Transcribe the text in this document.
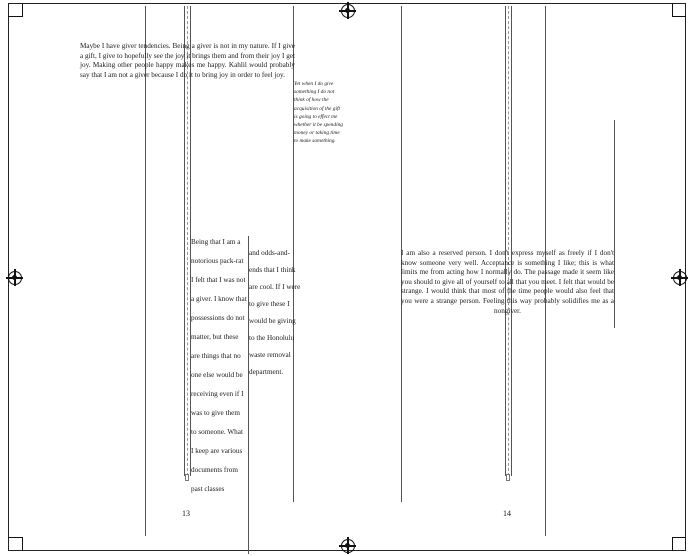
Maybe I have giver tendencies. Being a giver is not in my nature. If I give a gift, I give to hopefully see the joy it brings them and from their joy I get joy. Making other people happy makes me happy. Kahlil would probably say that I am not a giver because I do it to bring joy in order to feel joy.

Yet when I do give something I do not think of how the acquisition of the gift is going to effect me whether it be spending money or taking time to make something.

Being that I am a
notorious pack-rat
I felt that I was not
a giver. I know that
possessions do not
matter, but these
are things that no
one else would be
receiving even if I
was to give them
to someone. What
I keep are various
documents from
past classes
and odds-and-
ends that I think
are cool. If I were
to give these I
would be giving
to the Honolulu
waste removal
department.

I am also a reserved person. I don't express myself as freely if I don't know someone very well. Acceptance is something I like; this is what limits me from acting how I normally do. The passage made it seem like you should to give all of yourself to all that you meet. I felt that would be strange. I would think that most of the time people would also feel that you were a strange person. Feeling this way probably solidifies me as a nongiver.

13	14
